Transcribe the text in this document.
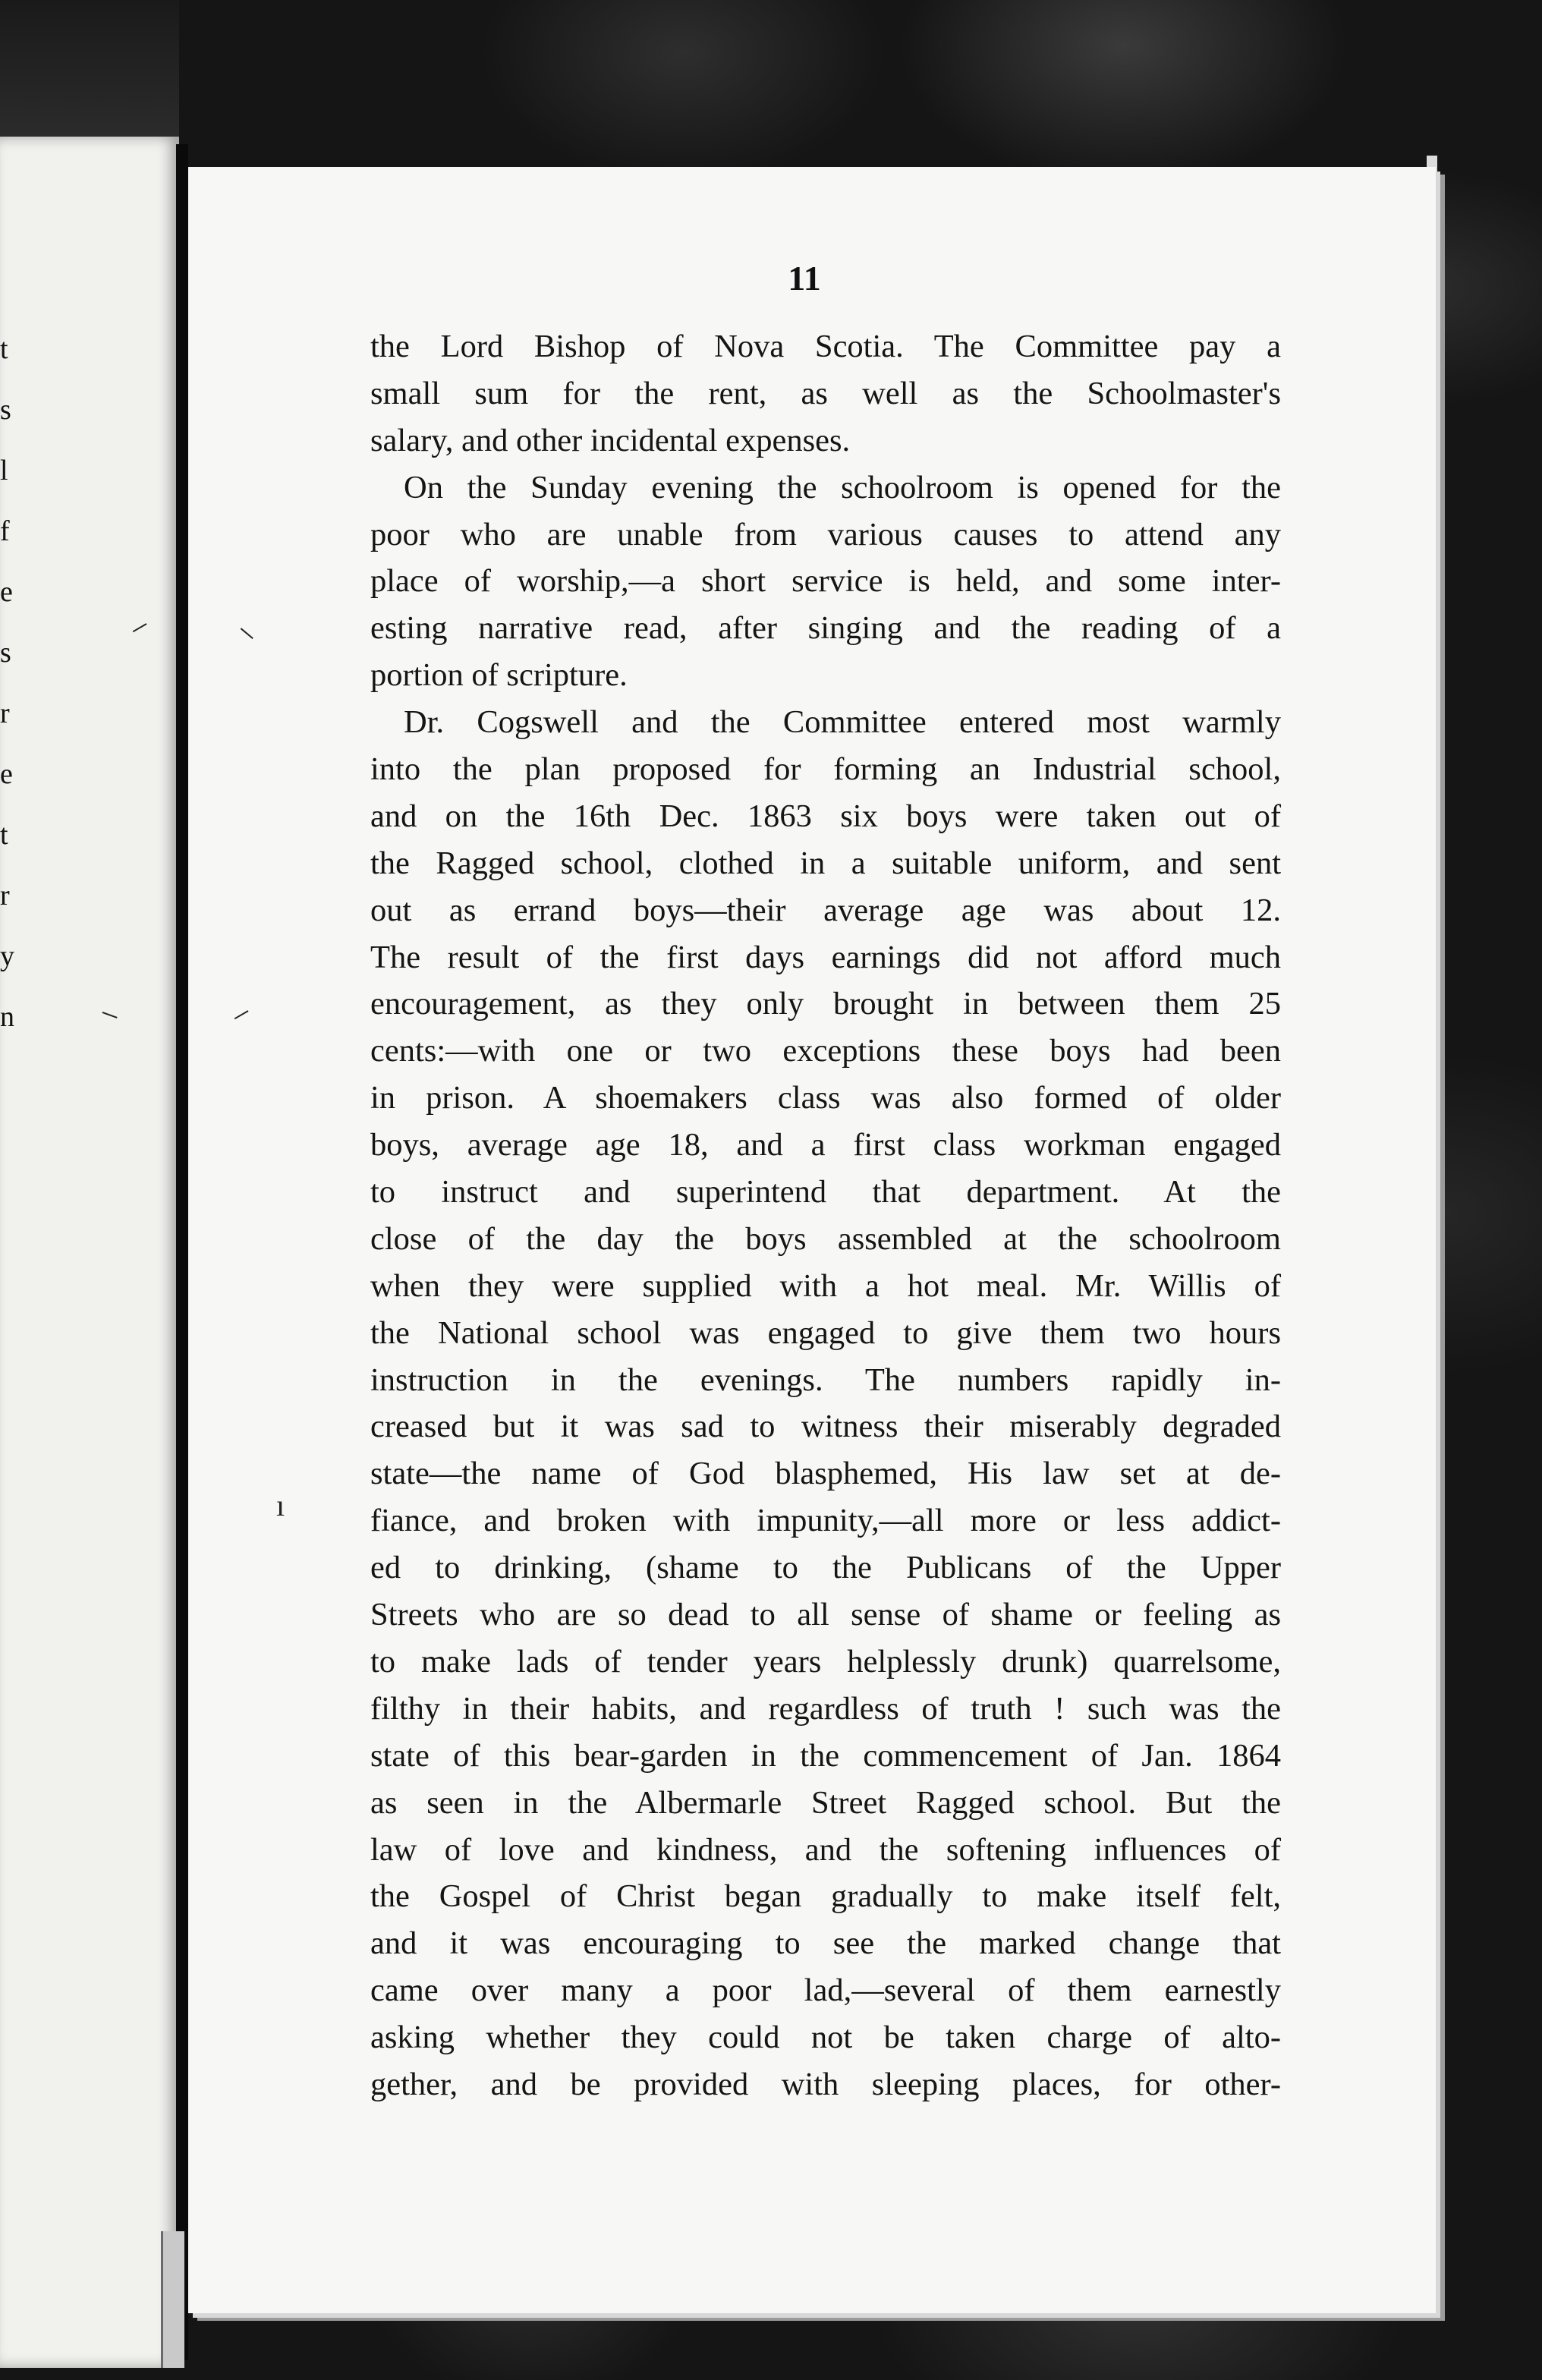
t
s
l
f
e
s
r
e
t
r
y
n
11
the Lord Bishop of Nova Scotia. The Committee pay a
small sum for the rent, as well as the Schoolmaster's
salary, and other incidental expenses.
On the Sunday evening the schoolroom is opened for the
poor who are unable from various causes to attend any
place of worship,—a short service is held, and some inter-
esting narrative read, after singing and the reading of a
portion of scripture.
Dr. Cogswell and the Committee entered most warmly
into the plan proposed for forming an Industrial school,
and on the 16th Dec. 1863 six boys were taken out of
the Ragged school, clothed in a suitable uniform, and sent
out as errand boys—their average age was about 12.
The result of the first days earnings did not afford much
encouragement, as they only brought in between them 25
cents:—with one or two exceptions these boys had been
in prison. A shoemakers class was also formed of older
boys, average age 18, and a first class workman engaged
to instruct and superintend that department. At the
close of the day the boys assembled at the schoolroom
when they were supplied with a hot meal. Mr. Willis of
the National school was engaged to give them two hours
instruction in the evenings. The numbers rapidly in-
creased but it was sad to witness their miserably degraded
state—the name of God blasphemed, His law set at de-
fiance, and broken with impunity,—all more or less addict-
ed to drinking, (shame to the Publicans of the Upper
Streets who are so dead to all sense of shame or feeling as
to make lads of tender years helplessly drunk) quarrelsome,
filthy in their habits, and regardless of truth ! such was the
state of this bear-garden in the commencement of Jan. 1864
as seen in the Albermarle Street Ragged school. But the
law of love and kindness, and the softening influences of
the Gospel of Christ began gradually to make itself felt,
and it was encouraging to see the marked change that
came over many a poor lad,—several of them earnestly
asking whether they could not be taken charge of alto-
gether, and be provided with sleeping places, for other-
‒	‒
‒	‒
ı
